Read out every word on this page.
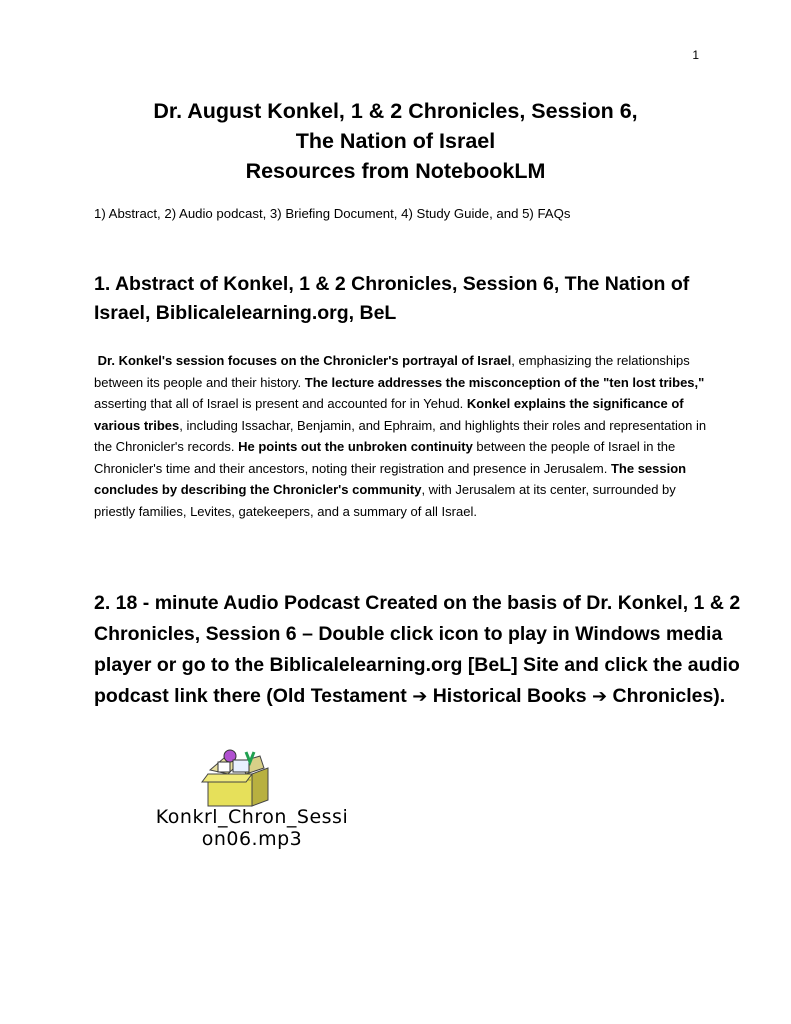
1
Dr. August Konkel, 1 & 2 Chronicles, Session 6,
The Nation of Israel
Resources from NotebookLM
1) Abstract, 2) Audio podcast, 3) Briefing Document, 4) Study Guide, and 5) FAQs
1. Abstract of Konkel, 1 & 2 Chronicles, Session 6, The Nation of Israel, Biblicalelearning.org, BeL
Dr. Konkel's session focuses on the Chronicler's portrayal of Israel, emphasizing the relationships between its people and their history. The lecture addresses the misconception of the "ten lost tribes," asserting that all of Israel is present and accounted for in Yehud. Konkel explains the significance of various tribes, including Issachar, Benjamin, and Ephraim, and highlights their roles and representation in the Chronicler's records. He points out the unbroken continuity between the people of Israel in the Chronicler's time and their ancestors, noting their registration and presence in Jerusalem. The session concludes by describing the Chronicler's community, with Jerusalem at its center, surrounded by priestly families, Levites, gatekeepers, and a summary of all Israel.
2. 18 - minute Audio Podcast Created on the basis of Dr. Konkel, 1 & 2 Chronicles, Session 6 – Double click icon to play in Windows media player or go to the Biblicalelearning.org [BeL] Site and click the audio podcast link there (Old Testament ➔ Historical Books ➔ Chronicles).
Konkrl_Chron_Sessi
on06.mp3
